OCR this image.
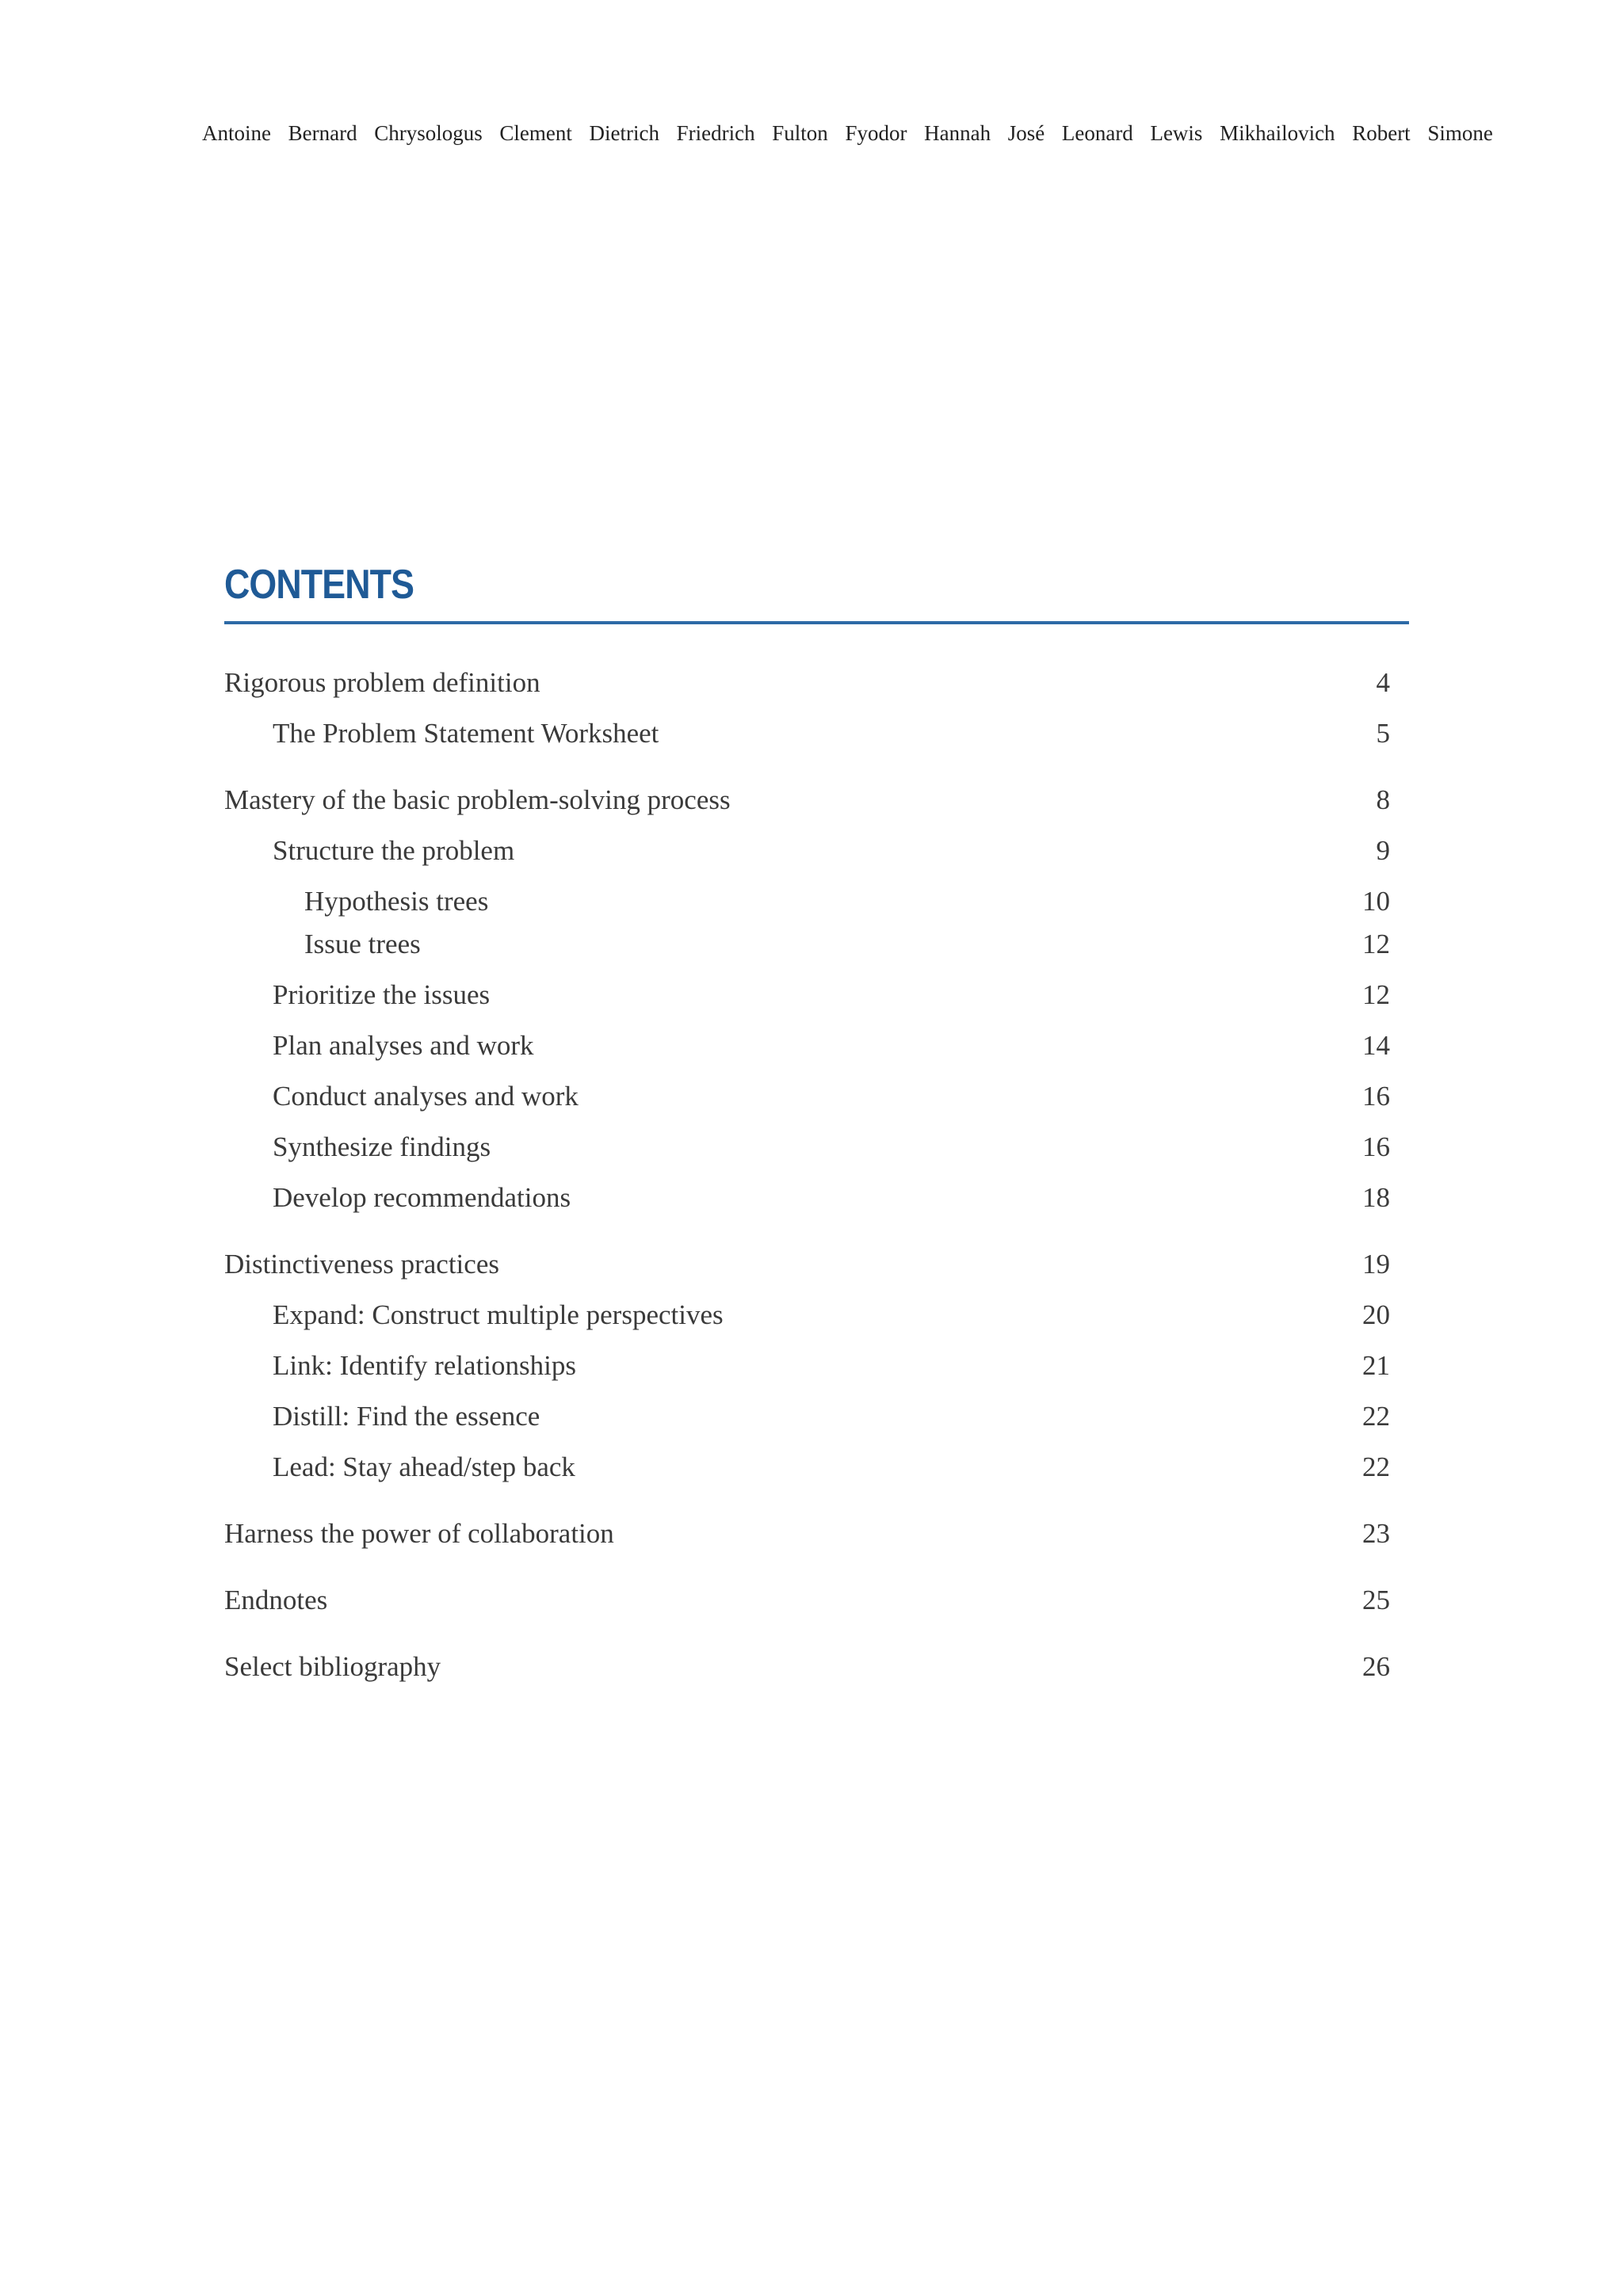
Antoine Bernard Chrysologus Clement Dietrich Friedrich Fulton Fyodor Hannah José Leonard Lewis Mikhailovich Robert Simone
CONTENTS
Rigorous problem definition	4
The Problem Statement Worksheet	5
Mastery of the basic problem-solving process	8
Structure the problem	9
Hypothesis trees	10
Issue trees	12
Prioritize the issues	12
Plan analyses and work	14
Conduct analyses and work	16
Synthesize findings	16
Develop recommendations	18
Distinctiveness practices	19
Expand: Construct multiple perspectives	20
Link: Identify relationships	21
Distill: Find the essence	22
Lead: Stay ahead/step back	22
Harness the power of collaboration	23
Endnotes	25
Select bibliography	26
